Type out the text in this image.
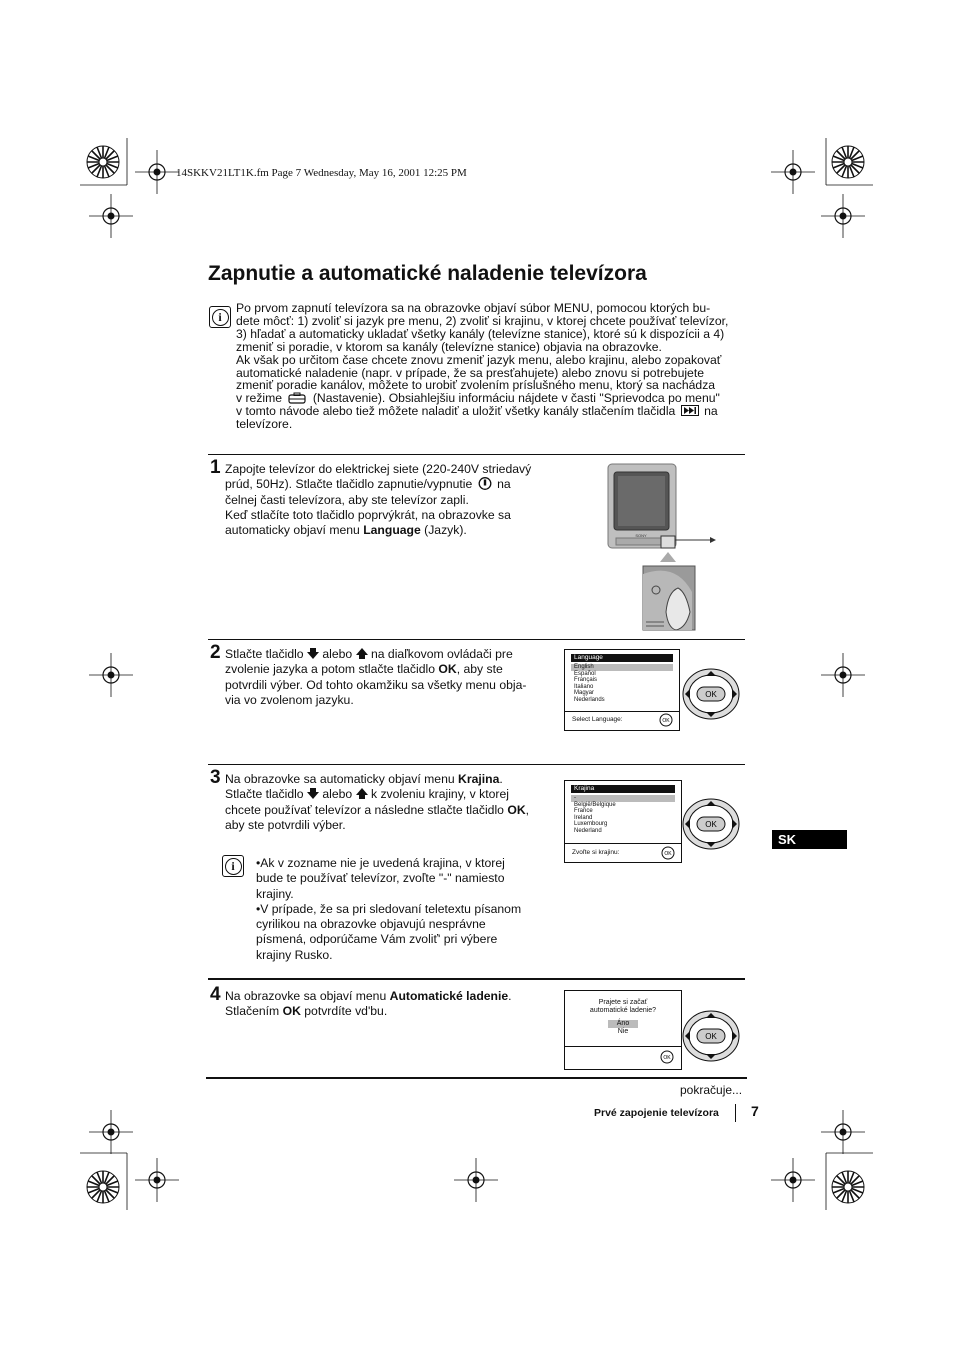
14SKKV21LT1K.fm Page 7 Wednesday, May 16, 2001 12:25 PM
Zapnutie a automatické naladenie televízora
i
Po prvom zapnutí televízora sa na obrazovke objaví súbor MENU, pomocou ktorých bu-
dete môcť: 1) zvoliť si jazyk pre menu, 2) zvoliť si krajinu, v ktorej chcete používať televízor,
3) hľadať a automaticky ukladať všetky kanály (televízne stanice), ktoré sú k dispozícii a 4)
zmeniť si poradie, v ktorom sa kanály (televízne stanice) objavia na obrazovke.
Ak však po určitom čase chcete znovu zmeniť jazyk menu, alebo krajinu, alebo zopakovať
automatické naladenie (napr. v prípade, že sa presťahujete) alebo znovu si potrebujete
zmeniť poradie kanálov, môžete to urobiť zvolením príslušného menu, ktorý sa nachádza
v režime	(Nastavenie). Obsiahlejšiu informáciu nájdete v časti "Sprievodca po menu"
v tomto návode alebo tiež môžete naladiť a uložiť všetky kanály stlačením tlačidla na
televízore.
1 Zapojte televízor do elektrickej siete (220-240V striedavý
prúd, 50Hz). Stlačte tlačidlo zapnutie/vypnutie na
čelnej časti televízora, aby ste televízor zapli.
Keď stlačíte toto tlačidlo poprvýkrát, na obrazovke sa
automaticky objaví menu Language (Jazyk).	SONY
2 Stlačte tlačidlo alebo na diaľkovom ovládači pre
zvolenie jazyka a potom stlačte tlačidlo OK, aby ste
potvrdili výber. Od tohto okamžiku sa všetky menu obja-
via vo zvolenom jazyku.
Language
English
Español
Français
Italiano
Magyar
Nederlands
Select Language:	OK
OK
3 Na obrazovke sa automaticky objaví menu Krajina.
Stlačte tlačidlo alebo k zvoleniu krajiny, v ktorej
chcete používať televízor a následne stlačte tlačidlo OK,
aby ste potvrdili výber.
Krajina
-
België/Belgique
France
Ireland
Luxembourg
Nederland
Zvoľte si krajinu:	OK
OK
SK
i	•Ak v zozname nie je uvedená krajina, v ktorej
bude te používať televízor, zvoľte "-" namiesto
krajiny.
•V prípade, že sa pri sledovaní teletextu písanom
cyrilikou na obrazovke objavujú nesprávne
písmená, odporúčame Vám zvoliť' pri výbere
krajiny Rusko.
4 Na obrazovke sa objaví menu Automatické ladenie.
Stlačením OK potvrdíte vd'bu.
Prajete si začať
automatické ladenie?
Áno
Nie
OK
OK
pokračuje...
Prvé zapojenie televízora 7
